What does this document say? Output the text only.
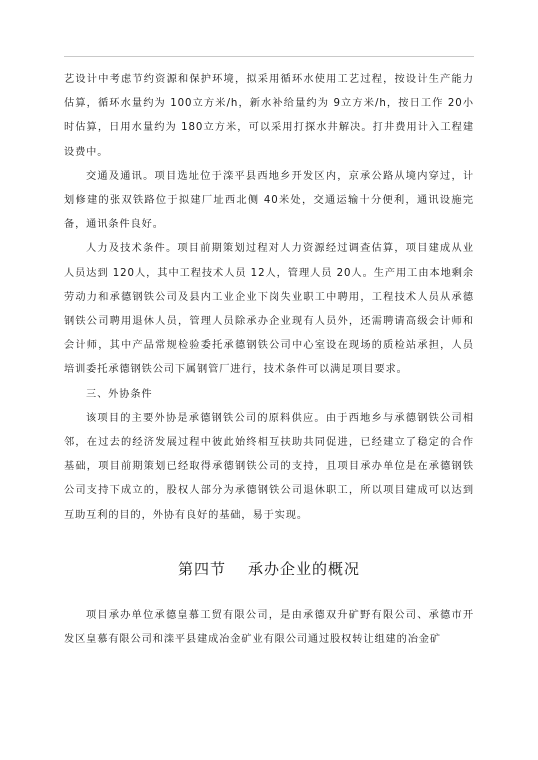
艺设计中考虑节约资源和保护环境，拟采用循环水使用工艺过程，按设计生产能力估算，循环水量约为 100立方米/h，新水补给量约为 9立方米/h，按日工作 20小时估算，日用水量约为 180立方米，可以采用打探水井解决。打井费用计入工程建设费中。

交通及通讯。项目选址位于滦平县西地乡开发区内，京承公路从境内穿过，计划修建的张双铁路位于拟建厂址西北侧 40米处，交通运输十分便利，通讯设施完备，通讯条件良好。

人力及技术条件。项目前期策划过程对人力资源经过调查估算，项目建成从业人员达到 120人，其中工程技术人员 12人，管理人员 20人。生产用工由本地剩余劳动力和承德钢铁公司及县内工业企业下岗失业职工中聘用，工程技术人员从承德钢铁公司聘用退休人员，管理人员除承办企业现有人员外，还需聘请高级会计师和会计师，其中产品常规检验委托承德钢铁公司中心室设在现场的质检站承担，人员培训委托承德钢铁公司下属钢管厂进行，技术条件可以满足项目要求。

三、外协条件

该项目的主要外协是承德钢铁公司的原料供应。由于西地乡与承德钢铁公司相邻，在过去的经济发展过程中彼此始终相互扶助共同促进，已经建立了稳定的合作基础，项目前期策划已经取得承德钢铁公司的支持，且项目承办单位是在承德钢铁公司支持下成立的，股权人部分为承德钢铁公司退休职工，所以项目建成可以达到互助互利的目的，外协有良好的基础，易于实现。

第四节 承办企业的概况

项目承办单位承德皇慕工贸有限公司，是由承德双升矿野有限公司、承德市开发区皇慕有限公司和滦平县建成冶金矿业有限公司通过股权转让组建的冶金矿
